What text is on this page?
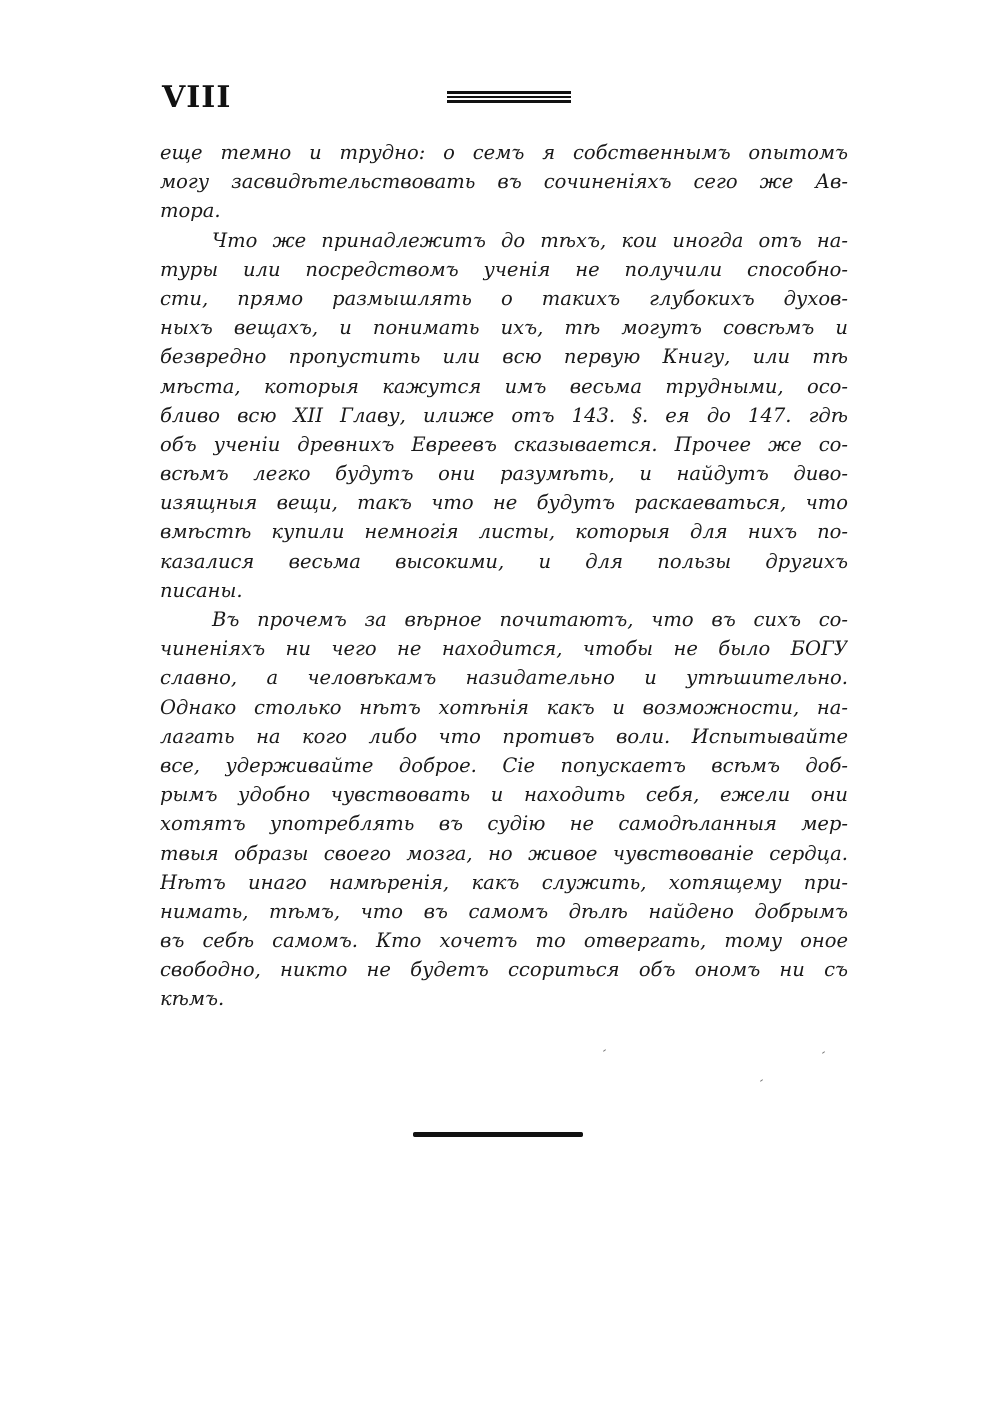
VIII
еще темно и трудно: о семъ я собственнымъ опытомъ
могу засвидѣтельствовать въ сочиненiяхъ сего же Ав-
тора.
Что же принадлежитъ до тѣхъ, кои иногда отъ на-
туры или посредствомъ ученiя не получили способно-
сти, прямо размышлять о такихъ глубокихъ духов-
ныхъ вещахъ, и понимать ихъ, тѣ могутъ совсѣмъ и
безвредно пропустить или всю первую Книгу, или тѣ
мѣста, которыя кажутся имъ весьма трудными, осо-
бливо всю XII Главу, илиже отъ 143. §. ея до 147. гдѣ
объ ученiи древнихъ Евреевъ сказывается. Прочее же со-
всѣмъ легко будутъ они разумѣть, и найдутъ диво-
изящныя вещи, такъ что не будутъ раскаеваться, что
вмѣстѣ купили немногiя листы, которыя для нихъ по-
казалися весьма высокими, и для пользы другихъ
писаны.
Въ прочемъ за вѣрное почитаютъ, что въ сихъ со-
чиненiяхъ ни чего не находится, чтобы не было БОГУ
славно, а человѣкамъ назидательно и утѣшительно.
Однако столько нѣтъ хотѣнiя какъ и возможности, на-
лагать на кого либо что противъ воли. Испытывайте
все, удерживайте доброе. Сiе попускаетъ всѣмъ доб-
рымъ удобно чувствовать и находить себя, ежели они
хотятъ употреблять въ судiю не самодѣланныя мер-
твыя образы своего мозга, но живое чувствованiе сердца.
Нѣтъ инаго намѣренiя, какъ служить, хотящему при-
нимать, тѣмъ, что въ самомъ дѣлѣ найдено добрымъ
въ себѣ самомъ. Кто хочетъ то отвергать, тому оное
свободно, никто не будетъ ссориться объ ономъ ни съ
кѣмъ.
